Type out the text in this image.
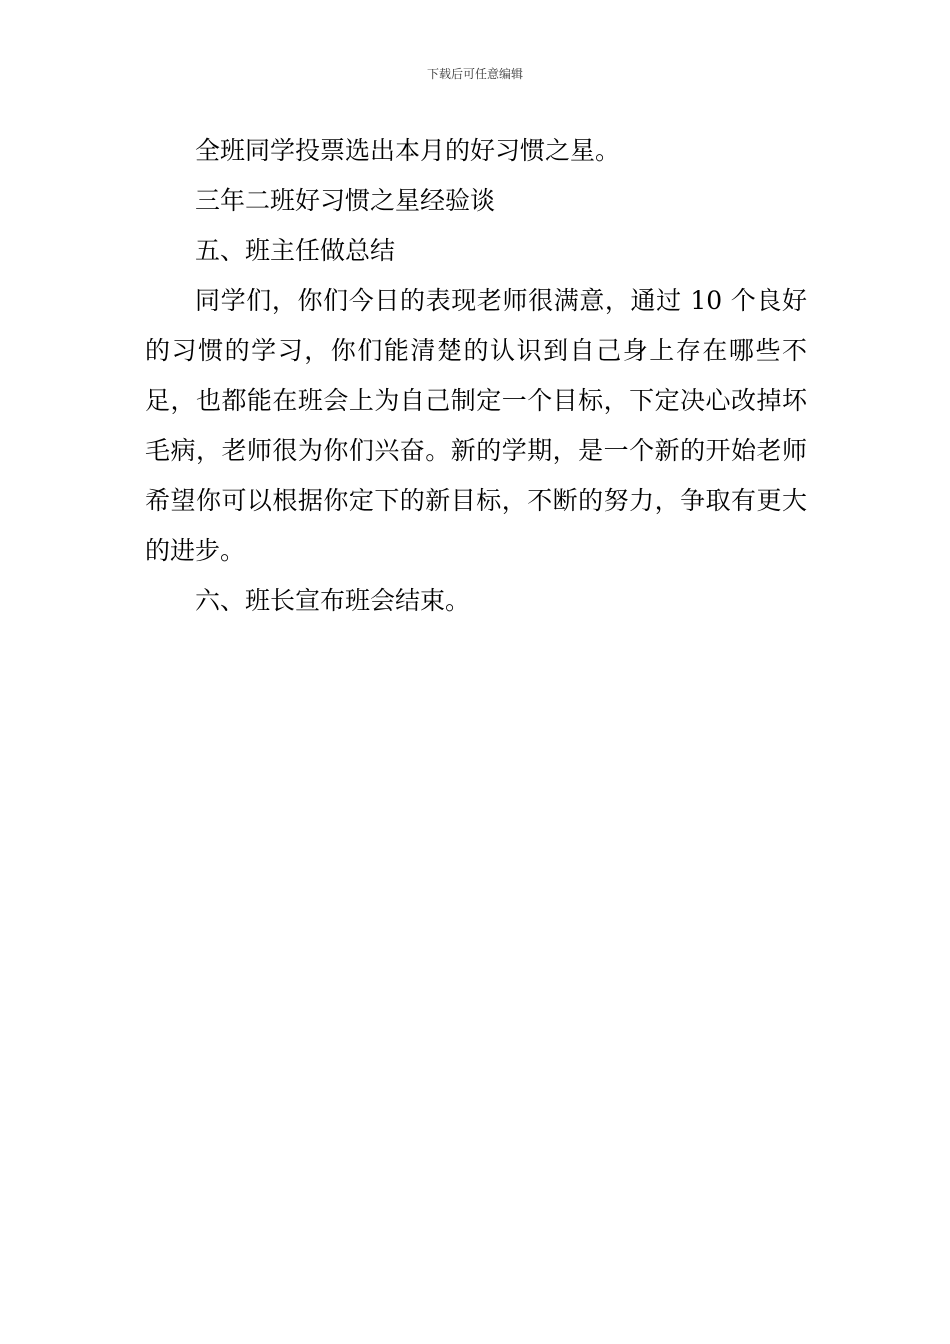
下载后可任意编辑

全班同学投票选出本月的好习惯之星。

三年二班好习惯之星经验谈

五、班主任做总结

同学们，你们今日的表现老师很满意，通过 10 个良好的习惯的学习，你们能清楚的认识到自己身上存在哪些不足，也都能在班会上为自己制定一个目标，下定决心改掉坏毛病，老师很为你们兴奋。新的学期，是一个新的开始老师希望你可以根据你定下的新目标，不断的努力，争取有更大的进步。

六、班长宣布班会结束。
